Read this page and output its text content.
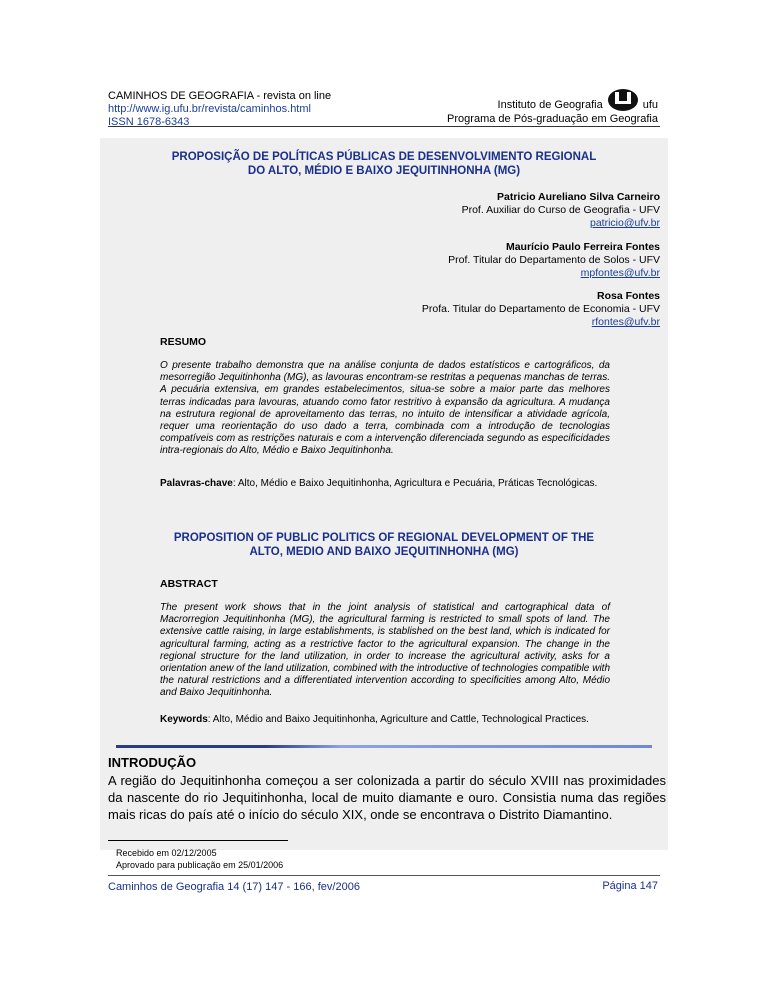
CAMINHOS DE GEOGRAFIA - revista on line
http://www.ig.ufu.br/revista/caminhos.html
ISSN 1678-6343
Instituto de Geografia	ufu
Programa de Pós-graduação em Geografia
PROPOSIÇÃO DE POLÍTICAS PÚBLICAS DE DESENVOLVIMENTO REGIONAL
DO ALTO, MÉDIO E BAIXO JEQUITINHONHA (MG)
Patricio Aureliano Silva Carneiro
Prof. Auxiliar do Curso de Geografia - UFV
patricio@ufv.br
Maurício Paulo Ferreira Fontes
Prof. Titular do Departamento de Solos - UFV
mpfontes@ufv.br
Rosa Fontes
Profa. Titular do Departamento de Economia - UFV
rfontes@ufv.br
RESUMO
O presente trabalho demonstra que na análise conjunta de dados estatísticos e cartográficos, da mesorregião Jequitinhonha (MG), as lavouras encontram-se restritas a pequenas manchas de terras. A pecuária extensiva, em grandes estabelecimentos, situa-se sobre a maior parte das melhores terras indicadas para lavouras, atuando como fator restritivo à expansão da agricultura. A mudança na estrutura regional de aproveitamento das terras, no intuito de intensificar a atividade agrícola, requer uma reorientação do uso dado a terra, combinada com a introdução de tecnologias compatíveis com as restrições naturais e com a intervenção diferenciada segundo as especificidades intra-regionais do Alto, Médio e Baixo Jequitinhonha.
Palavras-chave: Alto, Médio e Baixo Jequitinhonha, Agricultura e Pecuária, Práticas Tecnológicas.
PROPOSITION OF PUBLIC POLITICS OF REGIONAL DEVELOPMENT OF THE
ALTO, MEDIO AND BAIXO JEQUITINHONHA (MG)
ABSTRACT
The present work shows that in the joint analysis of statistical and cartographical data of Macrorregion Jequitinhonha (MG), the agricultural farming is restricted to small spots of land. The extensive cattle raising, in large establishments, is stablished on the best land, which is indicated for agricultural farming, acting as a restrictive factor to the agricultural expansion. The change in the regional structure for the land utilization, in order to increase the agricultural activity, asks for a orientation anew of the land utilization, combined with the introductive of technologies compatible with the natural restrictions and a differentiated intervention according to specificities among Alto, Médio and Baixo Jequitinhonha.
Keywords: Alto, Médio and Baixo Jequitinhonha, Agriculture and Cattle, Technological Practices.
INTRODUÇÃO
A região do Jequitinhonha começou a ser colonizada a partir do século XVIII nas proximidades da nascente do rio Jequitinhonha, local de muito diamante e ouro. Consistia numa das regiões mais ricas do país até o início do século XIX, onde se encontrava o Distrito Diamantino.
Recebido em 02/12/2005
Aprovado para publicação em 25/01/2006
Caminhos de Geografia 14 (17) 147 - 166, fev/2006	Página 147
